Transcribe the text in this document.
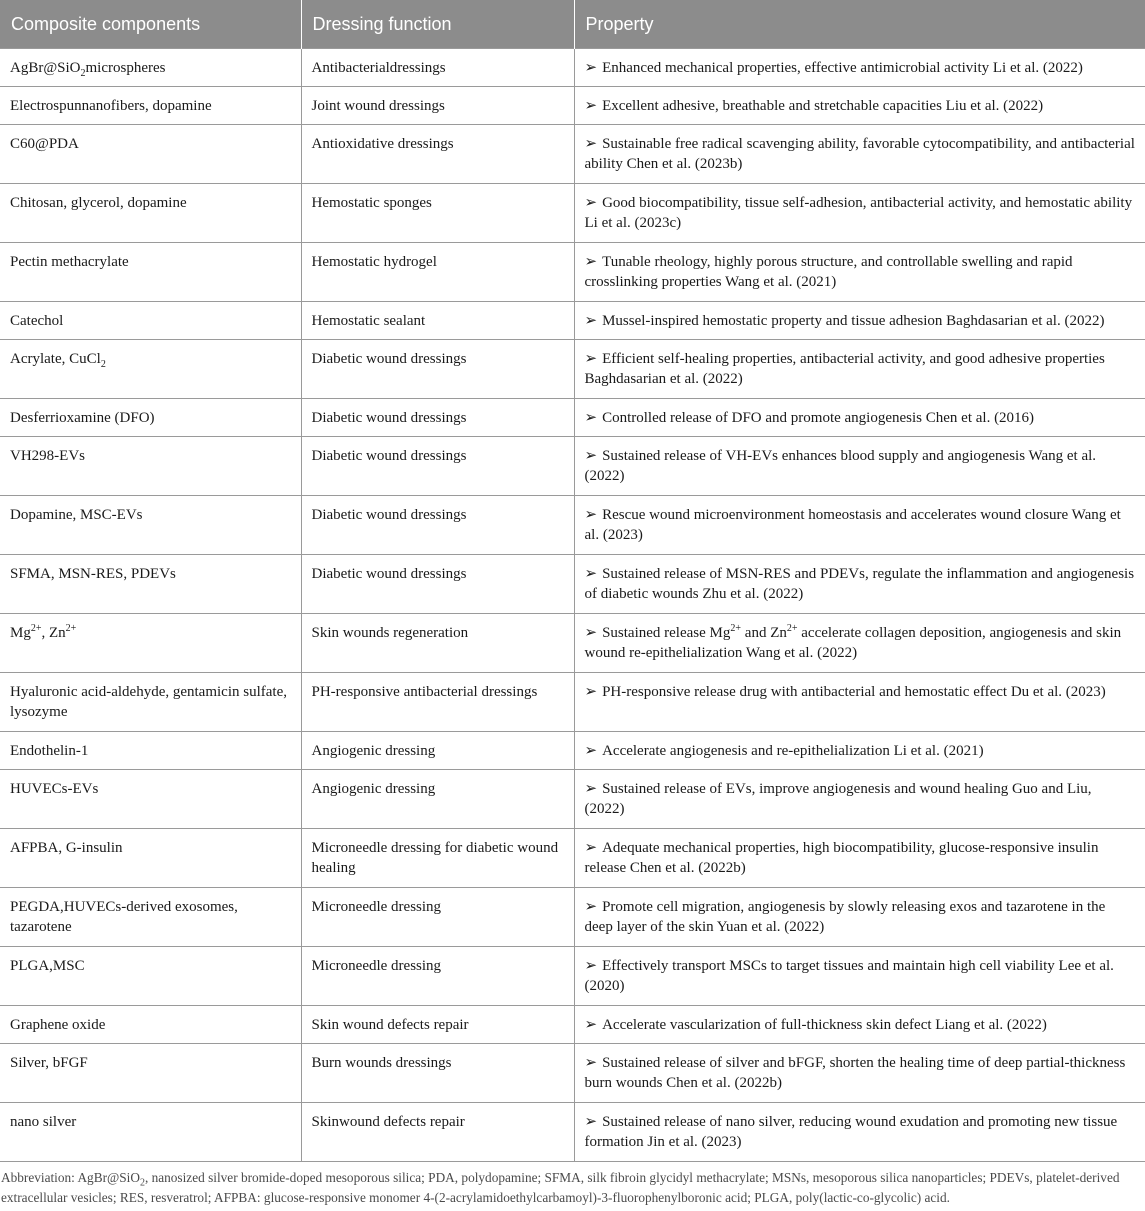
Composite components	Dressing function	Property
AgBr@SiO$_2$microspheres	Antibacterialdressings	➢ Enhanced mechanical properties, effective antimicrobial activity Li et al. (2022)
Electrospunnanofibers, dopamine	Joint wound dressings	➢ Excellent adhesive, breathable and stretchable capacities Liu et al. (2022)
C60@PDA	Antioxidative dressings	➢ Sustainable free radical scavenging ability, favorable cytocompatibility, and antibacterial ability Chen et al. (2023b)
Chitosan, glycerol, dopamine	Hemostatic sponges	➢ Good biocompatibility, tissue self-adhesion, antibacterial activity, and hemostatic ability Li et al. (2023c)
Pectin methacrylate	Hemostatic hydrogel	➢ Tunable rheology, highly porous structure, and controllable swelling and rapid crosslinking properties Wang et al. (2021)
Catechol	Hemostatic sealant	➢ Mussel-inspired hemostatic property and tissue adhesion Baghdasarian et al. (2022)
Acrylate, CuCl$_2$	Diabetic wound dressings	➢ Efficient self-healing properties, antibacterial activity, and good adhesive properties Baghdasarian et al. (2022)
Desferrioxamine (DFO)	Diabetic wound dressings	➢ Controlled release of DFO and promote angiogenesis Chen et al. (2016)
VH298-EVs	Diabetic wound dressings	➢ Sustained release of VH-EVs enhances blood supply and angiogenesis Wang et al. (2022)
Dopamine, MSC-EVs	Diabetic wound dressings	➢ Rescue wound microenvironment homeostasis and accelerates wound closure Wang et al. (2023)
SFMA, MSN-RES, PDEVs	Diabetic wound dressings	➢ Sustained release of MSN-RES and PDEVs, regulate the inflammation and angiogenesis of diabetic wounds Zhu et al. (2022)
$Mg^{2+}$, $Zn^{2+}$	Skin wounds regeneration	➢ Sustained release $Mg^{2+}$ and $Zn^{2+}$ accelerate collagen deposition, angiogenesis and skin wound re-epithelialization Wang et al. (2022)
Hyaluronic acid-aldehyde, gentamicin sulfate, lysozyme	PH-responsive antibacterial dressings	➢ PH-responsive release drug with antibacterial and hemostatic effect Du et al. (2023)
Endothelin-1	Angiogenic dressing	➢ Accelerate angiogenesis and re-epithelialization Li et al. (2021)
HUVECs-EVs	Angiogenic dressing	➢ Sustained release of EVs, improve angiogenesis and wound healing Guo and Liu, (2022)
AFPBA, G-insulin	Microneedle dressing for diabetic wound healing	➢ Adequate mechanical properties, high biocompatibility, glucose-responsive insulin release Chen et al. (2022b)
PEGDA,HUVECs-derived exosomes, tazarotene	Microneedle dressing	➢ Promote cell migration, angiogenesis by slowly releasing exos and tazarotene in the deep layer of the skin Yuan et al. (2022)
PLGA,MSC	Microneedle dressing	➢ Effectively transport MSCs to target tissues and maintain high cell viability Lee et al. (2020)
Graphene oxide	Skin wound defects repair	➢ Accelerate vascularization of full-thickness skin defect Liang et al. (2022)
Silver, bFGF	Burn wounds dressings	➢ Sustained release of silver and bFGF, shorten the healing time of deep partial-thickness burn wounds Chen et al. (2022b)
nano silver	Skinwound defects repair	➢ Sustained release of nano silver, reducing wound exudation and promoting new tissue formation Jin et al. (2023)
Abbreviation: AgBr@SiO$_2$, nanosized silver bromide-doped mesoporous silica; PDA, polydopamine; SFMA, silk fibroin glycidyl methacrylate; MSNs, mesoporous silica nanoparticles; PDEVs, platelet-derived extracellular vesicles; RES, resveratrol; AFPBA: glucose-responsive monomer 4-(2-acrylamidoethylcarbamoyl)-3-fluorophenylboronic acid; PLGA, poly(lactic-co-glycolic) acid.
